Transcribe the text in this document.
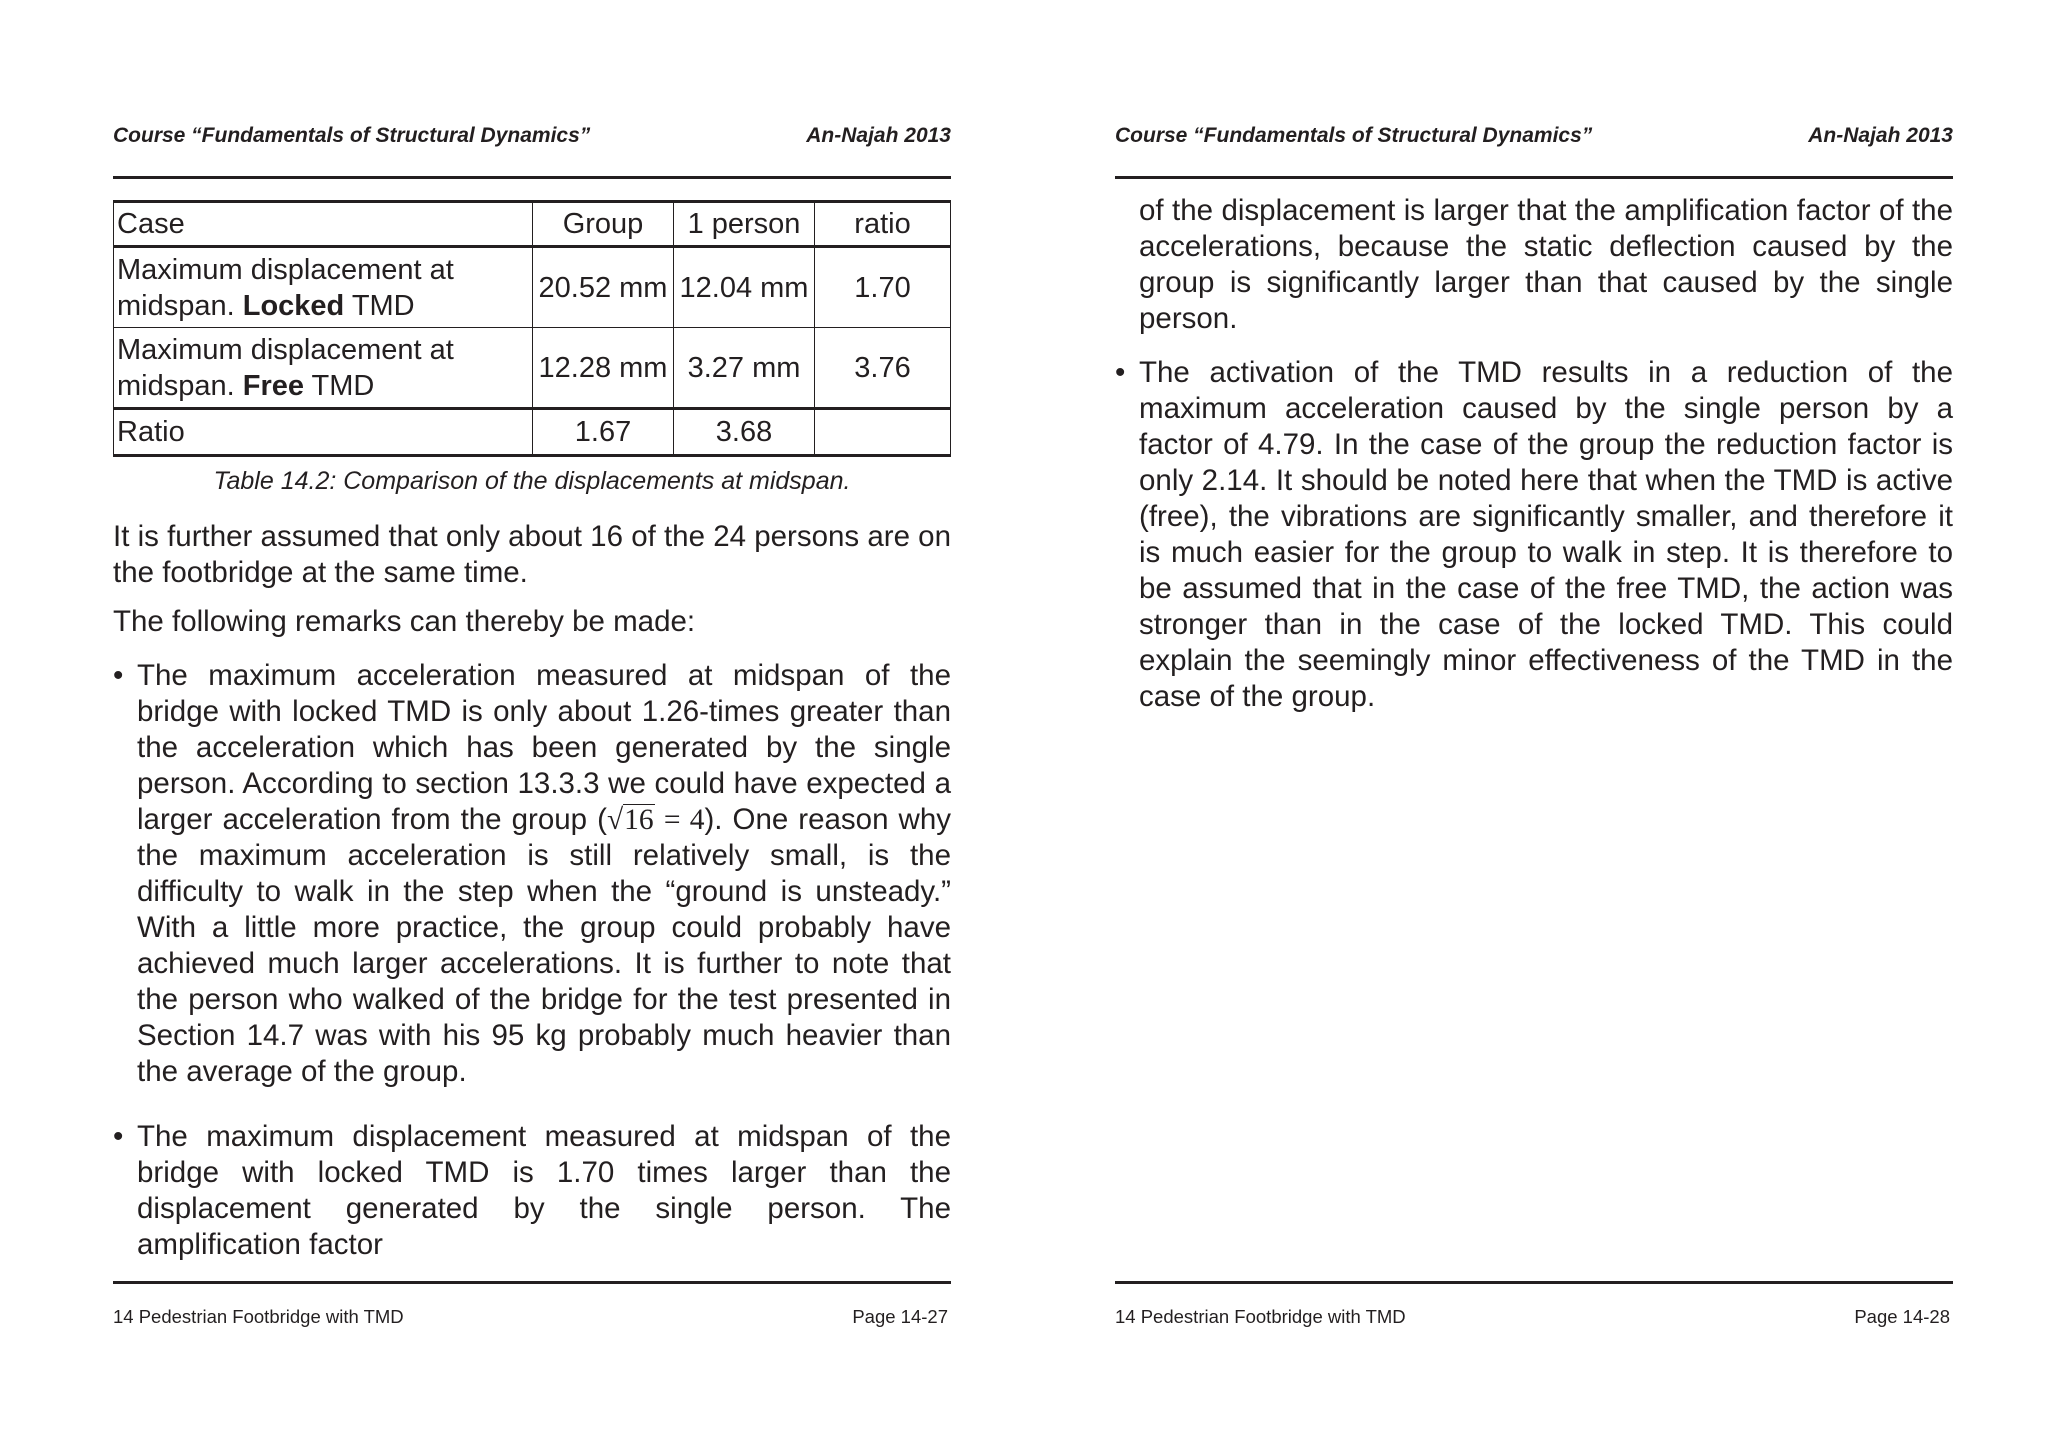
Course “Fundamentals of Structural Dynamics”	An-Najah 2013
Case	Group	1 person	ratio
Maximum displacement at midspan. Locked TMD	20.52 mm	12.04 mm	1.70
Maximum displacement at midspan. Free TMD	12.28 mm	3.27 mm	3.76
Ratio	1.67	3.68	
Table 14.2: Comparison of the displacements at midspan.
It is further assumed that only about 16 of the 24 persons are on the footbridge at the same time.
The following remarks can thereby be made:
• The maximum acceleration measured at midspan of the bridge with locked TMD is only about 1.26-times greater than the acceleration which has been generated by the single person. According to section 13.3.3 we could have expected a larger acceleration from the group (√16 = 4). One reason why the maximum acceleration is still relatively small, is the difficulty to walk in the step when the “ground is unsteady.” With a little more practice, the group could probably have achieved much larger accelerations. It is further to note that the person who walked of the bridge for the test presented in Section 14.7 was with his 95 kg probably much heavier than the average of the group.
• The maximum displacement measured at midspan of the bridge with locked TMD is 1.70 times larger than the displacement generated by the single person. The amplification factor
14 Pedestrian Footbridge with TMD	Page 14-27
Course “Fundamentals of Structural Dynamics”	An-Najah 2013
of the displacement is larger that the amplification factor of the accelerations, because the static deflection caused by the group is significantly larger than that caused by the single person.
• The activation of the TMD results in a reduction of the maximum acceleration caused by the single person by a factor of 4.79. In the case of the group the reduction factor is only 2.14. It should be noted here that when the TMD is active (free), the vibrations are significantly smaller, and therefore it is much easier for the group to walk in step. It is therefore to be assumed that in the case of the free TMD, the action was stronger than in the case of the locked TMD. This could explain the seemingly minor effectiveness of the TMD in the case of the group.
14 Pedestrian Footbridge with TMD	Page 14-28
